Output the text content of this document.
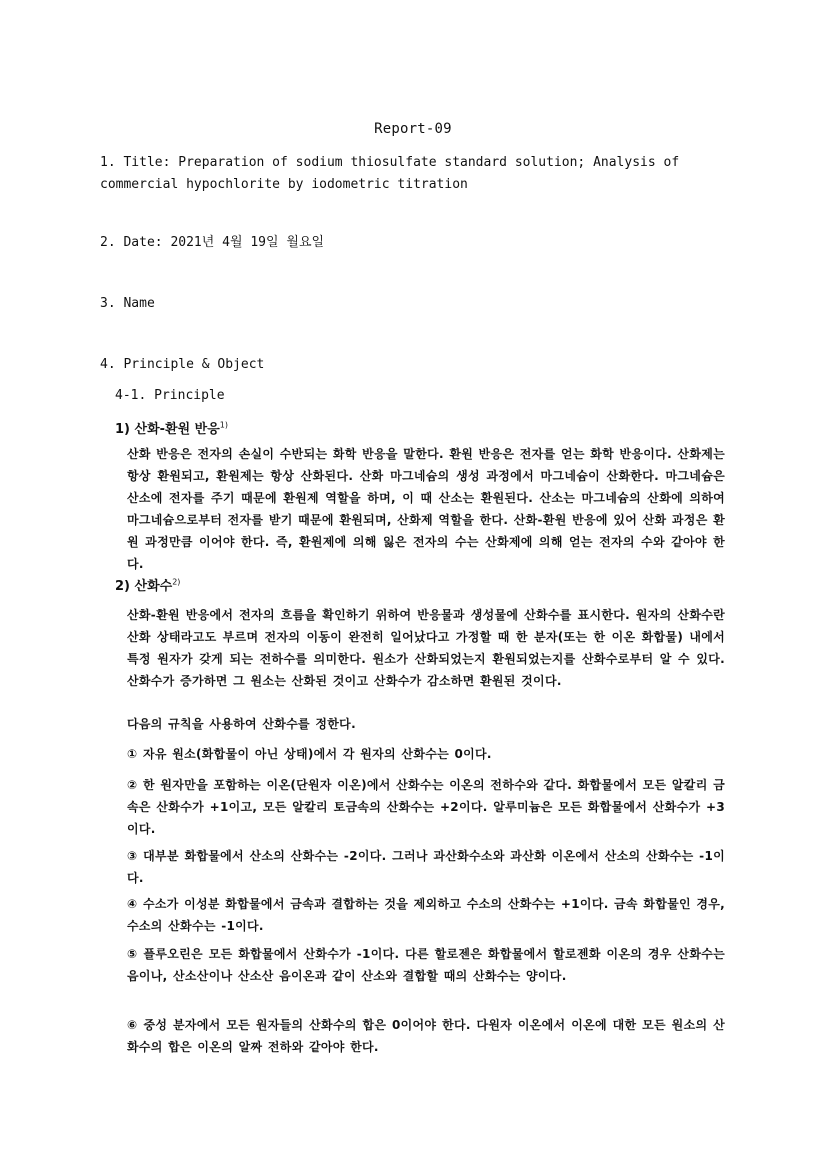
Report-09
1. Title: Preparation of sodium thiosulfate standard solution; Analysis of commercial hypochlorite by iodometric titration
2. Date: 2021년 4월 19일 월요일
3. Name
4. Principle & Object
4-1. Principle
1) 산화-환원 반응$^{1)}$
산화 반응은 전자의 손실이 수반되는 화학 반응을 말한다. 환원 반응은 전자를 얻는 화학 반응이다. 산화제는 항상 환원되고, 환원제는 항상 산화된다. 산화 마그네슘의 생성 과정에서 마그네슘이 산화한다. 마그네슘은 산소에 전자를 주기 때문에 환원제 역할을 하며, 이 때 산소는 환원된다. 산소는 마그네슘의 산화에 의하여 마그네슘으로부터 전자를 받기 때문에 환원되며, 산화제 역할을 한다. 산화-환원 반응에 있어 산화 과정은 환원 과정만큼 이어야 한다. 즉, 환원제에 의해 잃은 전자의 수는 산화제에 의해 얻는 전자의 수와 같아야 한다.
2) 산화수$^{2)}$
산화-환원 반응에서 전자의 흐름을 확인하기 위하여 반응물과 생성물에 산화수를 표시한다. 원자의 산화수란 산화 상태라고도 부르며 전자의 이동이 완전히 일어났다고 가정할 때 한 분자(또는 한 이온 화합물) 내에서 특정 원자가 갖게 되는 전하수를 의미한다. 원소가 산화되었는지 환원되었는지를 산화수로부터 알 수 있다. 산화수가 증가하면 그 원소는 산화된 것이고 산화수가 감소하면 환원된 것이다.
다음의 규칙을 사용하여 산화수를 정한다.
① 자유 원소(화합물이 아닌 상태)에서 각 원자의 산화수는 0이다.
② 한 원자만을 포함하는 이온(단원자 이온)에서 산화수는 이온의 전하수와 같다. 화합물에서 모든 알칼리 금속은 산화수가 +1이고, 모든 알칼리 토금속의 산화수는 +2이다. 알루미늄은 모든 화합물에서 산화수가 +3이다.
③ 대부분 화합물에서 산소의 산화수는 -2이다. 그러나 과산화수소와 과산화 이온에서 산소의 산화수는 -1이다.
④ 수소가 이성분 화합물에서 금속과 결합하는 것을 제외하고 수소의 산화수는 +1이다. 금속 화합물인 경우, 수소의 산화수는 -1이다.
⑤ 플루오린은 모든 화합물에서 산화수가 -1이다. 다른 할로젠은 화합물에서 할로젠화 이온의 경우 산화수는 음이나, 산소산이나 산소산 음이온과 같이 산소와 결합할 때의 산화수는 양이다.
⑥ 중성 분자에서 모든 원자들의 산화수의 합은 0이어야 한다. 다원자 이온에서 이온에 대한 모든 원소의 산화수의 합은 이온의 알짜 전하와 같아야 한다.
